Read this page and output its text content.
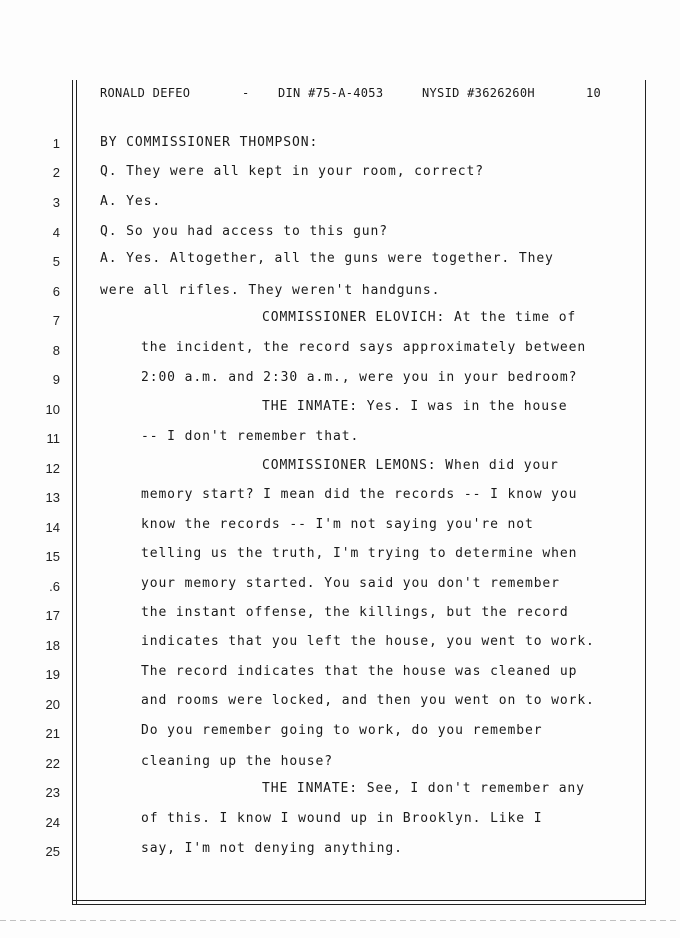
RONALD DEFEO	- DIN #75-A-4053	NYSID #3626260H	10
1
2
3
4
5
6
7
8
9
10
11
12
13
14
15
.6
17
18
19
20
21
22
23
24
25
BY COMMISSIONER THOMPSON:
Q. They were all kept in your room, correct?
A. Yes.
Q. So you had access to this gun?
A. Yes. Altogether, all the guns were together. They
were all rifles. They weren't handguns.
COMMISSIONER ELOVICH: At the time of
the incident, the record says approximately between
2:00 a.m. and 2:30 a.m., were you in your bedroom?
THE INMATE: Yes. I was in the house
-- I don't remember that.
COMMISSIONER LEMONS: When did your
memory start? I mean did the records -- I know you
know the records -- I'm not saying you're not
telling us the truth, I'm trying to determine when
your memory started. You said you don't remember
the instant offense, the killings, but the record
indicates that you left the house, you went to work.
The record indicates that the house was cleaned up
and rooms were locked, and then you went on to work.
Do you remember going to work, do you remember
cleaning up the house?
THE INMATE: See, I don't remember any
of this. I know I wound up in Brooklyn. Like I
say, I'm not denying anything.
